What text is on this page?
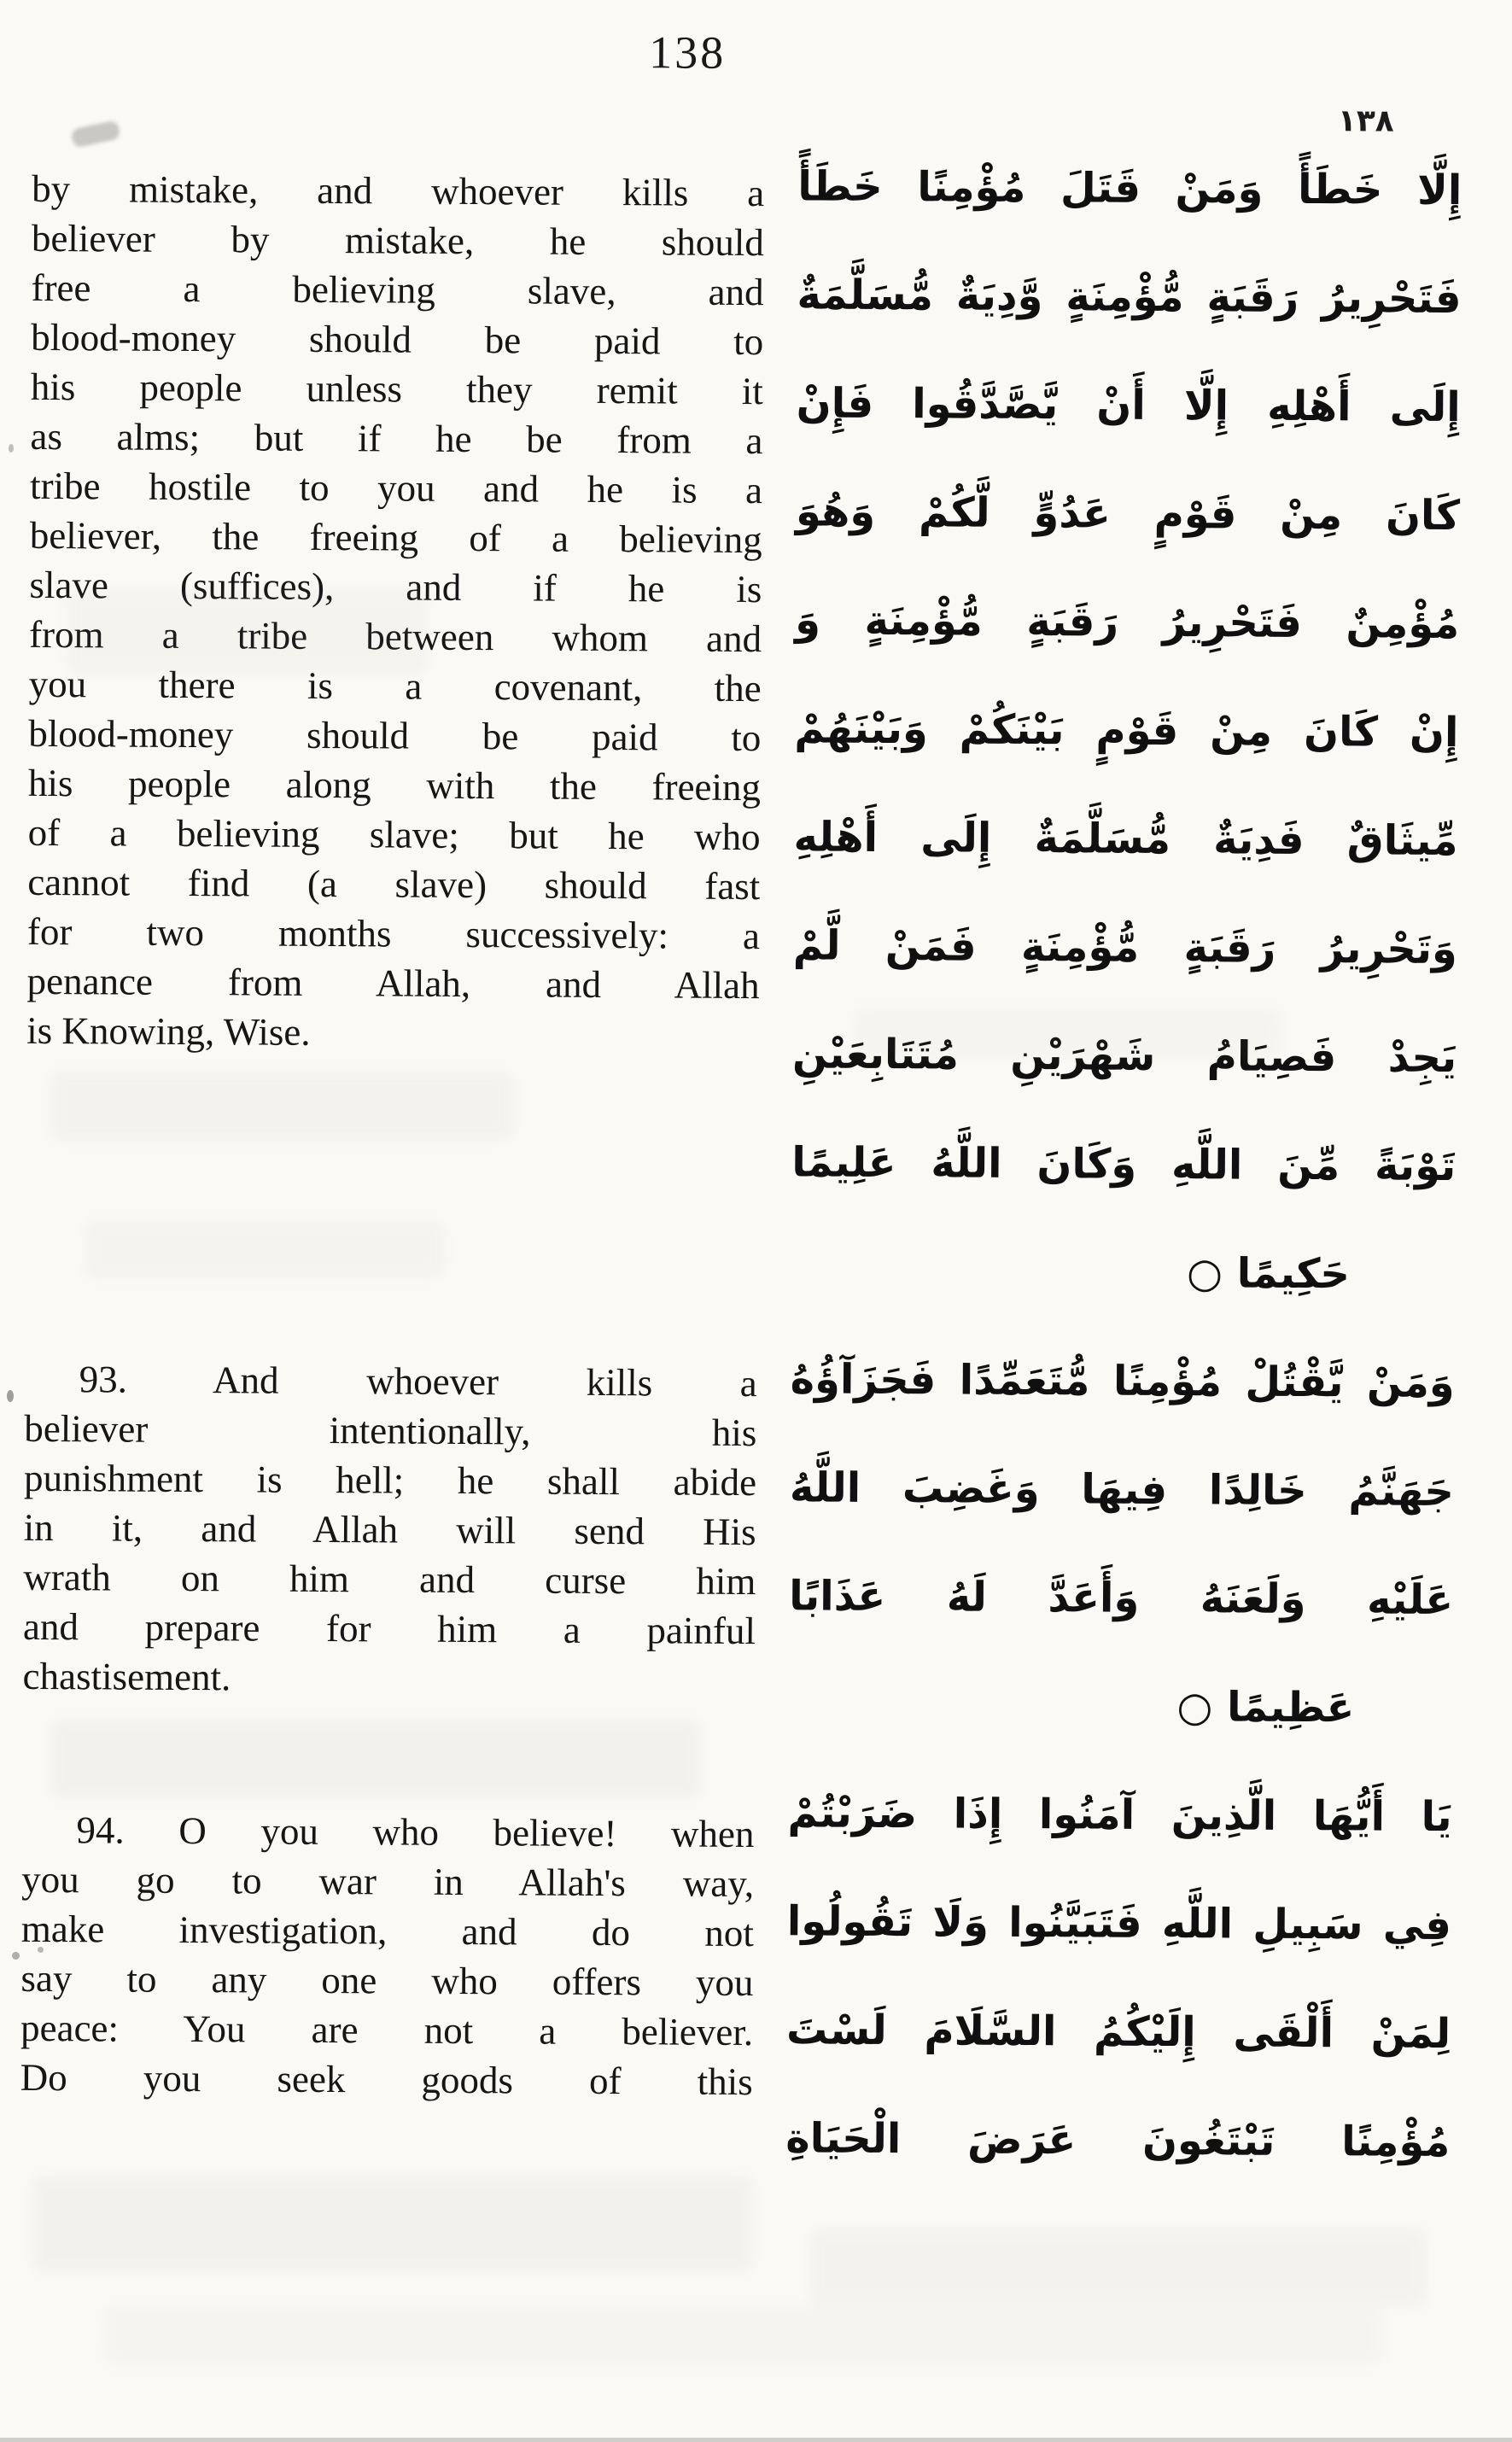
138
١٣٨
by mistake, and whoever kills a
believer by mistake, he should
free a believing slave, and
blood-money should be paid to
his people unless they remit it
as alms; but if he be from a
tribe hostile to you and he is a
believer, the freeing of a believing
slave (suffices), and if he is
from a tribe between whom and
you there is a covenant, the
blood-money should be paid to
his people along with the freeing
of a believing slave; but he who
cannot find (a slave) should fast
for two months successively: a
penance from Allah, and Allah
is Knowing, Wise.
93. And whoever kills a
believer intentionally, his
punishment is hell; he shall abide
in it, and Allah will send His
wrath on him and curse him
and prepare for him a painful
chastisement.
94. O you who believe! when
you go to war in Allah's way,
make investigation, and do not
say to any one who offers you
peace: You are not a believer.
Do you seek goods of this
إِلَّا خَطَأً وَمَنْ قَتَلَ مُؤْمِنًا خَطَأً
فَتَحْرِيرُ رَقَبَةٍ مُّؤْمِنَةٍ وَّدِيَةٌ مُّسَلَّمَةٌ
إِلَى أَهْلِهِ إِلَّا أَنْ يَّصَّدَّقُوا فَإِنْ
كَانَ مِنْ قَوْمٍ عَدُوٍّ لَّكُمْ وَهُوَ
مُؤْمِنٌ فَتَحْرِيرُ رَقَبَةٍ مُّؤْمِنَةٍ وَ
إِنْ كَانَ مِنْ قَوْمٍ بَيْنَكُمْ وَبَيْنَهُمْ
مِّيثَاقٌ فَدِيَةٌ مُّسَلَّمَةٌ إِلَى أَهْلِهِ
وَتَحْرِيرُ رَقَبَةٍ مُّؤْمِنَةٍ فَمَنْ لَّمْ
يَجِدْ فَصِيَامُ شَهْرَيْنِ مُتَتَابِعَيْنِ
تَوْبَةً مِّنَ اللَّهِ وَكَانَ اللَّهُ عَلِيمًا
حَكِيمًا ○
وَمَنْ يَّقْتُلْ مُؤْمِنًا مُّتَعَمِّدًا فَجَزَآؤُهُ
جَهَنَّمُ خَالِدًا فِيهَا وَغَضِبَ اللَّهُ
عَلَيْهِ وَلَعَنَهُ وَأَعَدَّ لَهُ عَذَابًا
عَظِيمًا ○
يَا أَيُّهَا الَّذِينَ آمَنُوا إِذَا ضَرَبْتُمْ
فِي سَبِيلِ اللَّهِ فَتَبَيَّنُوا وَلَا تَقُولُوا
لِمَنْ أَلْقَى إِلَيْكُمُ السَّلَامَ لَسْتَ
مُؤْمِنًا تَبْتَغُونَ عَرَضَ الْحَيَاةِ
